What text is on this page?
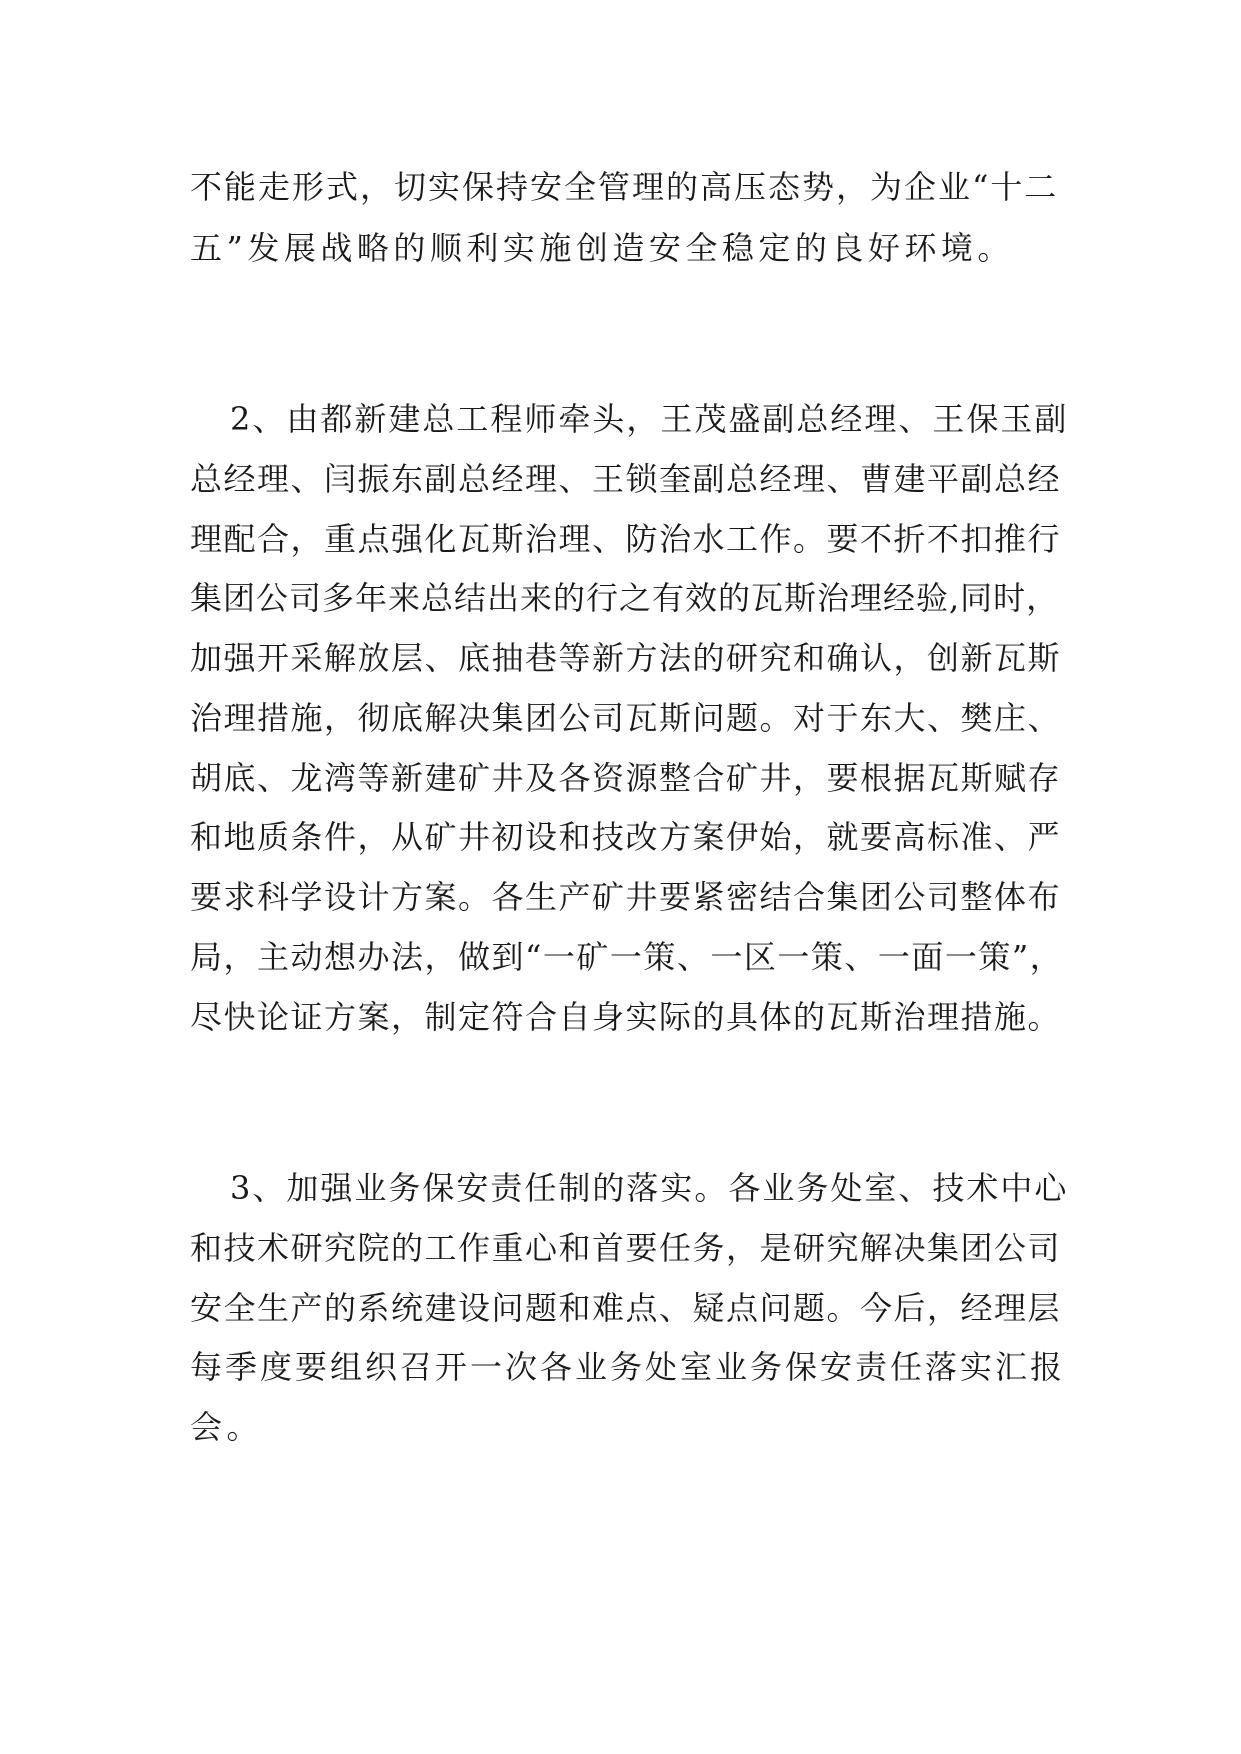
不能走形式，切实保持安全管理的高压态势，为企业“十二
五”发展战略的顺利实施创造安全稳定的良好环境。
2、由都新建总工程师牵头，王茂盛副总经理、王保玉副
总经理、闫振东副总经理、王锁奎副总经理、曹建平副总经
理配合，重点强化瓦斯治理、防治水工作。要不折不扣推行
集团公司多年来总结出来的行之有效的瓦斯治理经验,同时，
加强开采解放层、底抽巷等新方法的研究和确认，创新瓦斯
治理措施，彻底解决集团公司瓦斯问题。对于东大、樊庄、
胡底、龙湾等新建矿井及各资源整合矿井，要根据瓦斯赋存
和地质条件，从矿井初设和技改方案伊始，就要高标准、严
要求科学设计方案。各生产矿井要紧密结合集团公司整体布
局，主动想办法，做到“一矿一策、一区一策、一面一策”，
尽快论证方案，制定符合自身实际的具体的瓦斯治理措施。
3、加强业务保安责任制的落实。各业务处室、技术中心
和技术研究院的工作重心和首要任务，是研究解决集团公司
安全生产的系统建设问题和难点、疑点问题。今后，经理层
每季度要组织召开一次各业务处室业务保安责任落实汇报
会。
